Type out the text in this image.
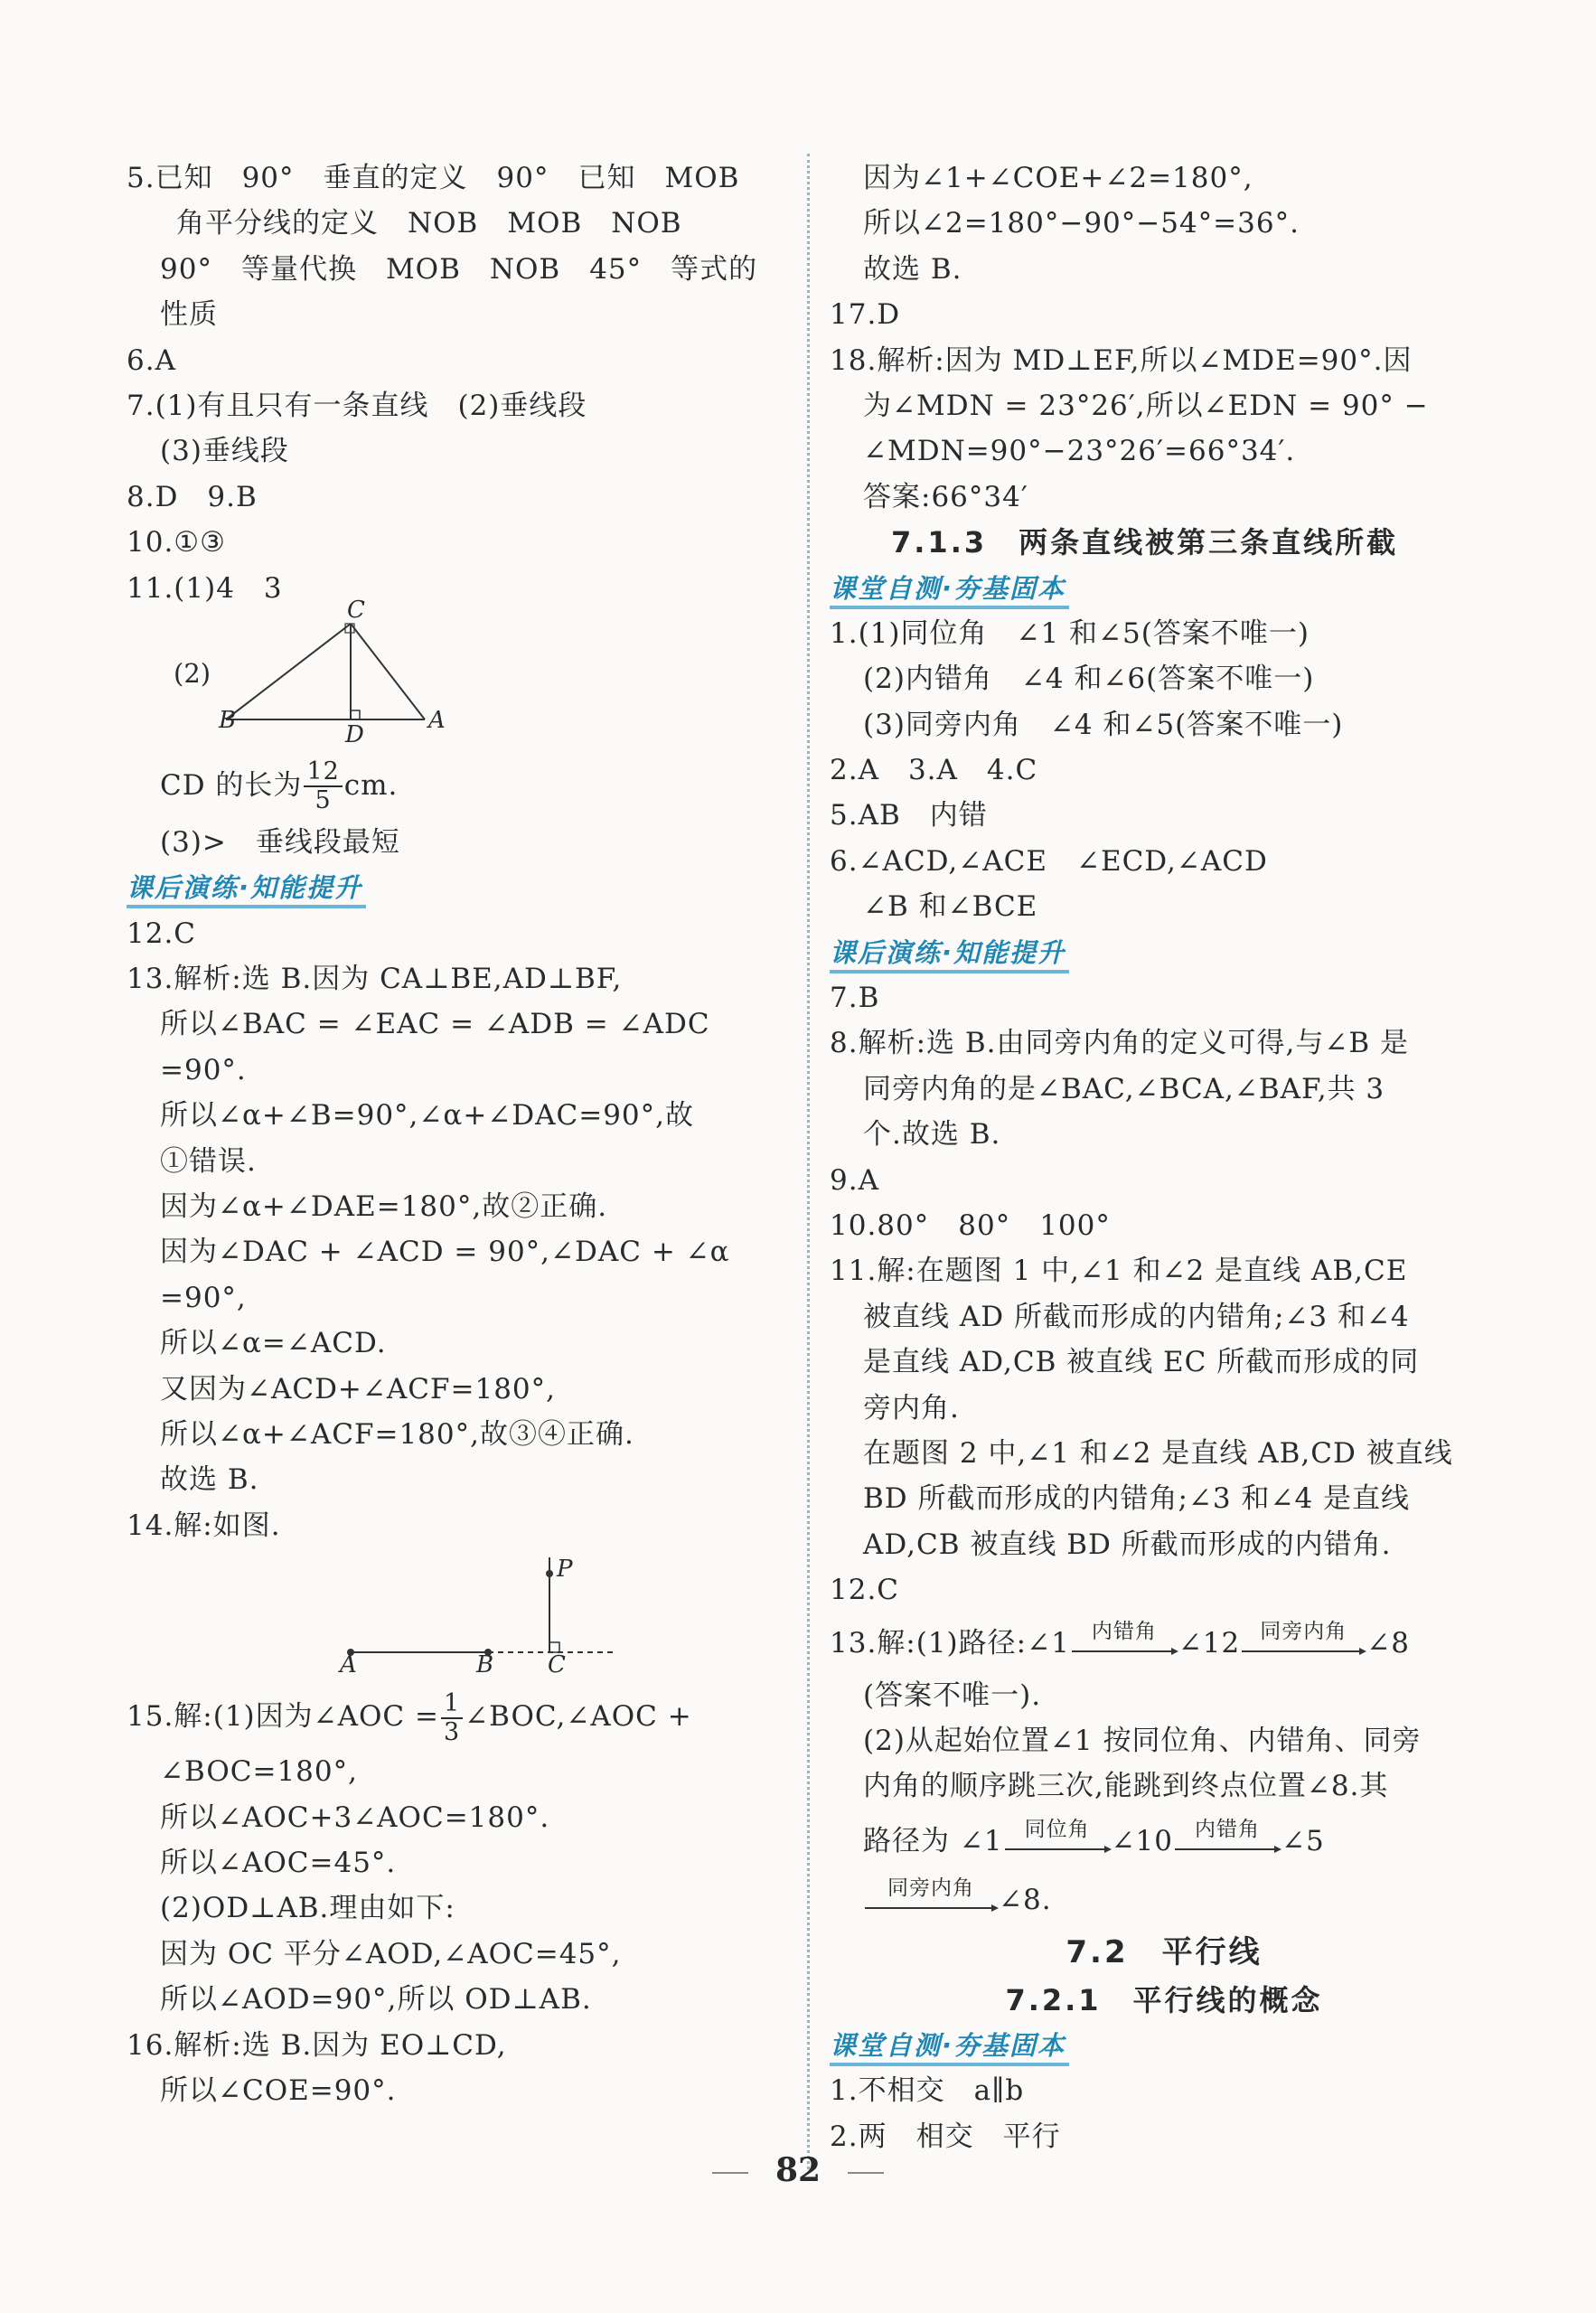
5.已知　90°　垂直的定义　90°　已知　MOB
角平分线的定义　NOB　MOB　NOB
90°　等量代换　MOB　NOB　45°　等式的
性质
6.A
7.(1)有且只有一条直线　(2)垂线段
(3)垂线段
8.D　9.B
10.①③
11.(1)4　3
(2)
C
B
D
A
CD 的长为 $\frac{12}{5}$ cm.
(3)>　垂线段最短
课后演练·知能提升
12.C
13.解析:选 B.因为 CA⊥BE,AD⊥BF,
所以∠BAC = ∠EAC = ∠ADB = ∠ADC
=90°.
所以∠α+∠B=90°,∠α+∠DAC=90°,故
①错误.
因为∠α+∠DAE=180°,故②正确.
因为∠DAC + ∠ACD = 90°,∠DAC + ∠α
=90°,
所以∠α=∠ACD.
又因为∠ACD+∠ACF=180°,
所以∠α+∠ACF=180°,故③④正确.
故选 B.
14.解:如图.
P
A	B C
15.解:(1)因为∠AOC = $\frac{1}{3}$ ∠BOC,∠AOC +
∠BOC=180°,
所以∠AOC+3∠AOC=180°.
所以∠AOC=45°.
(2)OD⊥AB.理由如下:
因为 OC 平分∠AOD,∠AOC=45°,
所以∠AOD=90°,所以 OD⊥AB.
16.解析:选 B.因为 EO⊥CD,
所以∠COE=90°.
因为∠1+∠COE+∠2=180°,
所以∠2=180°−90°−54°=36°.
故选 B.
17.D
18.解析:因为 MD⊥EF,所以∠MDE=90°.因
为∠MDN = 23°26′,所以∠EDN = 90° −
∠MDN=90°−23°26′=66°34′.
答案:66°34′
7.1.3　两条直线被第三条直线所截
课堂自测·夯基固本
1.(1)同位角　∠1 和∠5(答案不唯一)
(2)内错角　∠4 和∠6(答案不唯一)
(3)同旁内角　∠4 和∠5(答案不唯一)
2.A　3.A　4.C
5.AB　内错
6.∠ACD,∠ACE　∠ECD,∠ACD
∠B 和∠BCE
课后演练·知能提升
7.B
8.解析:选 B.由同旁内角的定义可得,与∠B 是
同旁内角的是∠BAC,∠BCA,∠BAF,共 3
个.故选 B.
9.A
10.80°　80°　100°
11.解:在题图 1 中,∠1 和∠2 是直线 AB,CE
被直线 AD 所截而形成的内错角;∠3 和∠4
是直线 AD,CB 被直线 EC 所截而形成的同
旁内角.
在题图 2 中,∠1 和∠2 是直线 AB,CD 被直线
BD 所截而形成的内错角;∠3 和∠4 是直线
AD,CB 被直线 BD 所截而形成的内错角.
12.C
13.解:(1)路径:∠1	内错角 ∠12 同旁内角 ∠8
(答案不唯一).
(2)从起始位置∠1 按同位角、内错角、同旁
内角的顺序跳三次,能跳到终点位置∠8.其
路径为 ∠1	同位角 ∠10	内错角 ∠5
同旁内角 ∠8.
7.2　平行线
7.2.1　平行线的概念
课堂自测·夯基固本
1.不相交　a∥b
2.两　相交　平行
82
